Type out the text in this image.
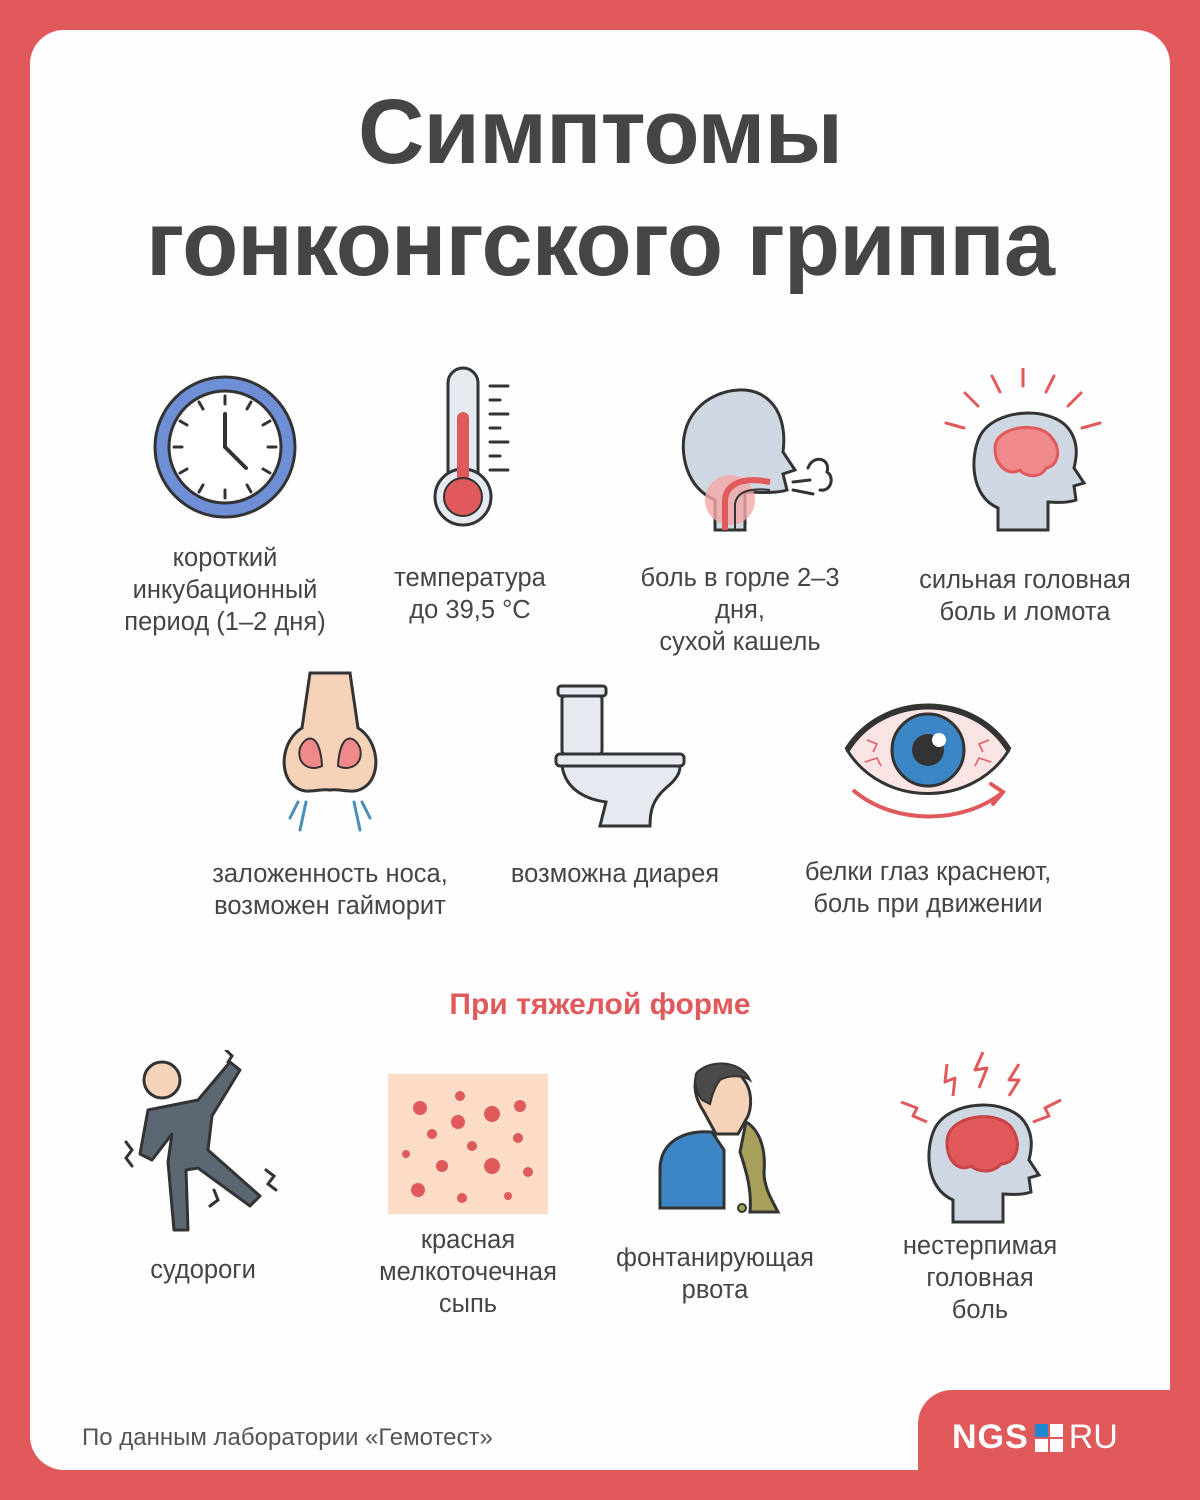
Симптомы
гонконгского гриппа
короткий
инкубационный
период (1–2 дня)
температура
до 39,5 °C
боль в горле 2–3 дня,
сухой кашель
сильная головная
боль и ломота
заложенность носа,
возможен гайморит
возможна диарея	белки глаз краснеют,
боль при движении
При тяжелой форме
судороги
красная
мелкоточечная
сыпь
фонтанирующая
рвота
нестерпимая
головная
боль
По данным лаборатории «Гемотест»	NGS RU
